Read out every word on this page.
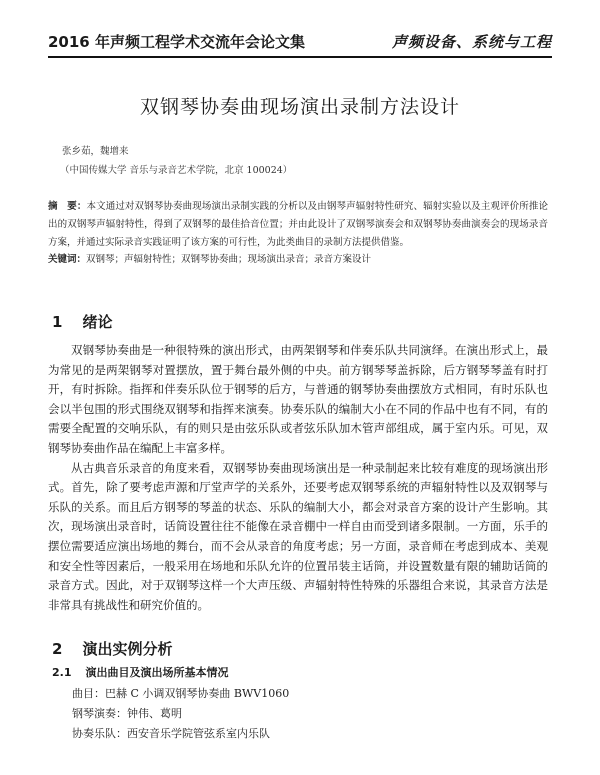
2016 年声频工程学术交流年会论文集	声频设备、系统与工程
双钢琴协奏曲现场演出录制方法设计
张乡茹，魏增来
（中国传媒大学 音乐与录音艺术学院，北京 100024）
摘　要：本文通过对双钢琴协奏曲现场演出录制实践的分析以及由钢琴声辐射特性研究、辐射实验以及主观评价所推论出的双钢琴声辐射特性，得到了双钢琴的最佳拾音位置；并由此设计了双钢琴演奏会和双钢琴协奏曲演奏会的现场录音方案，并通过实际录音实践证明了该方案的可行性，为此类曲目的录制方法提供借鉴。
关键词：双钢琴；声辐射特性；双钢琴协奏曲；现场演出录音；录音方案设计
1 绪论

双钢琴协奏曲是一种很特殊的演出形式，由两架钢琴和伴奏乐队共同演绎。在演出形式上，最为常见的是两架钢琴对置摆放，置于舞台最外侧的中央。前方钢琴琴盖拆除，后方钢琴琴盖有时打开，有时拆除。指挥和伴奏乐队位于钢琴的后方，与普通的钢琴协奏曲摆放方式相同，有时乐队也会以半包围的形式围绕双钢琴和指挥来演奏。协奏乐队的编制大小在不同的作品中也有不同，有的需要全配置的交响乐队，有的则只是由弦乐队或者弦乐队加木管声部组成，属于室内乐。可见，双钢琴协奏曲作品在编配上丰富多样。

从古典音乐录音的角度来看，双钢琴协奏曲现场演出是一种录制起来比较有难度的现场演出形式。首先，除了要考虑声源和厅堂声学的关系外，还要考虑双钢琴系统的声辐射特性以及双钢琴与乐队的关系。而且后方钢琴的琴盖的状态、乐队的编制大小，都会对录音方案的设计产生影响。其次，现场演出录音时，话筒设置往往不能像在录音棚中一样自由而受到诸多限制。一方面，乐手的摆位需要适应演出场地的舞台，而不会从录音的角度考虑；另一方面，录音师在考虑到成本、美观和安全性等因素后，一般采用在场地和乐队允许的位置吊装主话筒，并设置数量有限的辅助话筒的录音方式。因此，对于双钢琴这样一个大声压级、声辐射特性特殊的乐器组合来说，其录音方法是非常具有挑战性和研究价值的。

2 演出实例分析
2.1 演出曲目及演出场所基本情况
曲目：巴赫 C 小调双钢琴协奏曲 BWV1060
钢琴演奏：钟伟、葛明
协奏乐队：西安音乐学院管弦系室内乐队
